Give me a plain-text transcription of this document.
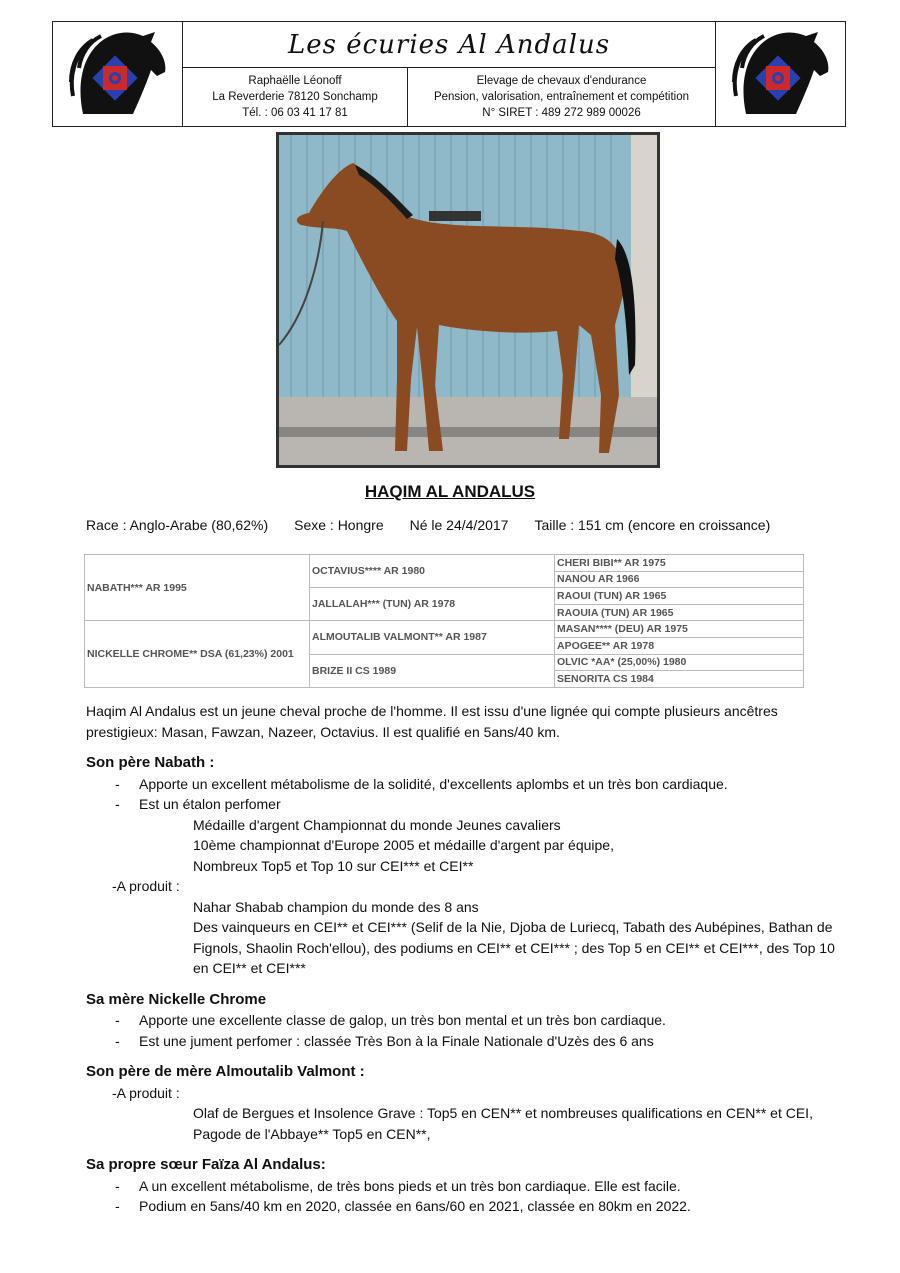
Les écuries Al Andalus
Raphaëlle Léonoff
La Reverderie 78120 Sonchamp
Tél. : 06 03 41 17 81
Elevage de chevaux d'endurance
Pension, valorisation, entraînement et compétition
N° SIRET : 489 272 989 00026
HAQIM AL ANDALUS
Race : Anglo-Arabe (80,62%) Sexe : Hongre Né le 24/4/2017 Taille : 151 cm (encore en croissance)
NABATH*** AR 1995	OCTAVIUS**** AR 1980	CHERI BIBI** AR 1975
		NANOU AR 1966
	JALLALAH*** (TUN) AR 1978	RAOUI (TUN) AR 1965
		RAOUIA (TUN) AR 1965
NICKELLE CHROME** DSA (61,23%) 2001	ALMOUTALIB VALMONT** AR 1987	MASAN**** (DEU) AR 1975
		APOGEE** AR 1978
	BRIZE II CS 1989	OLVIC *AA* (25,00%) 1980
		SENORITA CS 1984

Haqim Al Andalus est un jeune cheval proche de l'homme. Il est issu d'une lignée qui compte plusieurs ancêtres prestigieux: Masan, Fawzan, Nazeer, Octavius. Il est qualifié en 5ans/40 km.

Son père Nabath :
- Apporte un excellent métabolisme de la solidité, d'excellents aplombs et un très bon cardiaque.
- Est un étalon perfomer
Médaille d'argent Championnat du monde Jeunes cavaliers
10ème championnat d'Europe 2005 et médaille d'argent par équipe,
Nombreux Top5 et Top 10 sur CEI*** et CEI**
-A produit :
Nahar Shabab champion du monde des 8 ans
Des vainqueurs en CEI** et CEI*** (Selif de la Nie, Djoba de Luriecq, Tabath des Aubépines, Bathan de Fignols, Shaolin Roch'ellou), des podiums en CEI** et CEI*** ; des Top 5 en CEI** et CEI***, des Top 10 en CEI** et CEI***
Sa mère Nickelle Chrome
- Apporte une excellente classe de galop, un très bon mental et un très bon cardiaque.
- Est une jument perfomer : classée Très Bon à la Finale Nationale d'Uzès des 6 ans
Son père de mère Almoutalib Valmont :
-A produit :
Olaf de Bergues et Insolence Grave : Top5 en CEN** et nombreuses qualifications en CEN** et CEI, Pagode de l'Abbaye** Top5 en CEN**,
Sa propre sœur Faïza Al Andalus:
- A un excellent métabolisme, de très bons pieds et un très bon cardiaque. Elle est facile.
- Podium en 5ans/40 km en 2020, classée en 6ans/60 en 2021, classée en 80km en 2022.
